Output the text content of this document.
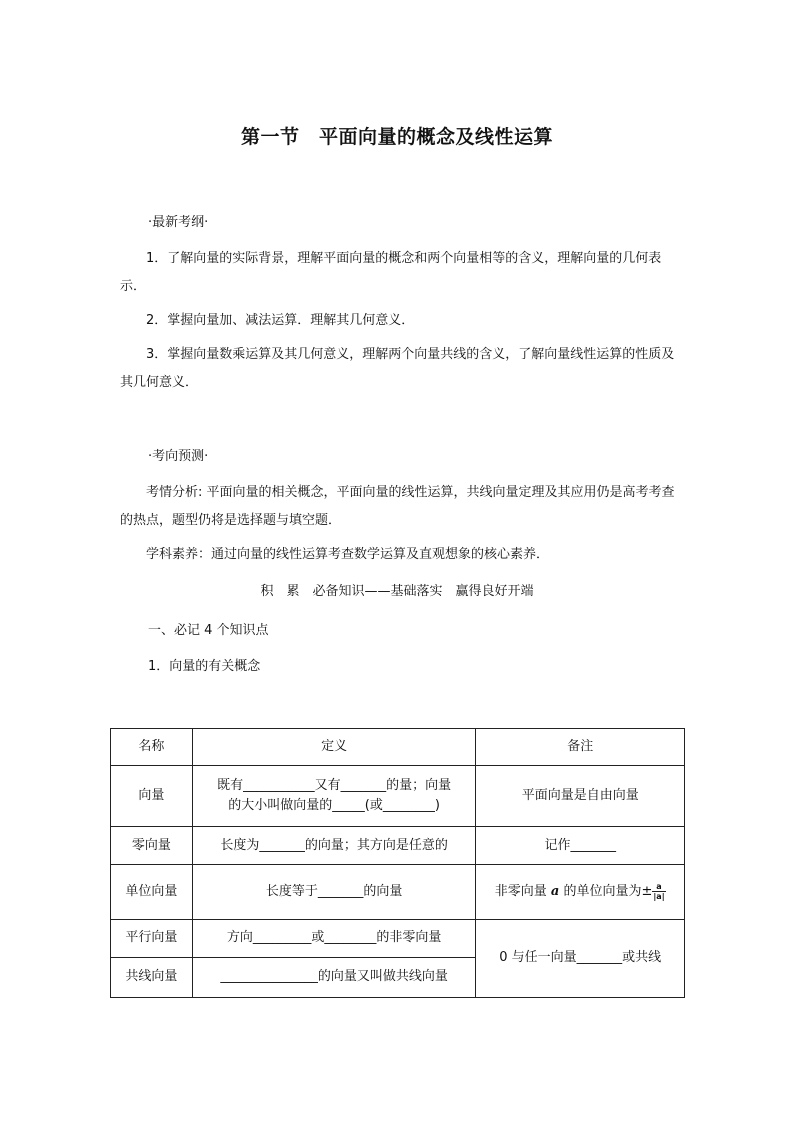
第一节　平面向量的概念及线性运算
·最新考纲·
1．了解向量的实际背景，理解平面向量的概念和两个向量相等的含义，理解向量的几何表示．
2．掌握向量加、减法运算．理解其几何意义．
3．掌握向量数乘运算及其几何意义，理解两个向量共线的含义，了解向量线性运算的性质及其几何意义．
·考向预测·
考情分析: 平面向量的相关概念，平面向量的线性运算，共线向量定理及其应用仍是高考考查的热点，题型仍将是选择题与填空题．
学科素养：通过向量的线性运算考查数学运算及直观想象的核心素养．
积　累　必备知识——基础落实　赢得良好开端
一、必记 4 个知识点
1．向量的有关概念
名称	定义	备注
向量	既有___________又有_______的量；向量
的大小叫做向量的_____(或________)	平面向量是自由向量
零向量	长度为_______的向量；其方向是任意的	记作_______
单位向量	长度等于_______的向量	非零向量 a 的单位向量为± $\frac{a}{|a|}$

平行向量	方向_________或________的非零向量	0 与任一向量_______或共线
共线向量	_______________的向量又叫做共线向量	
